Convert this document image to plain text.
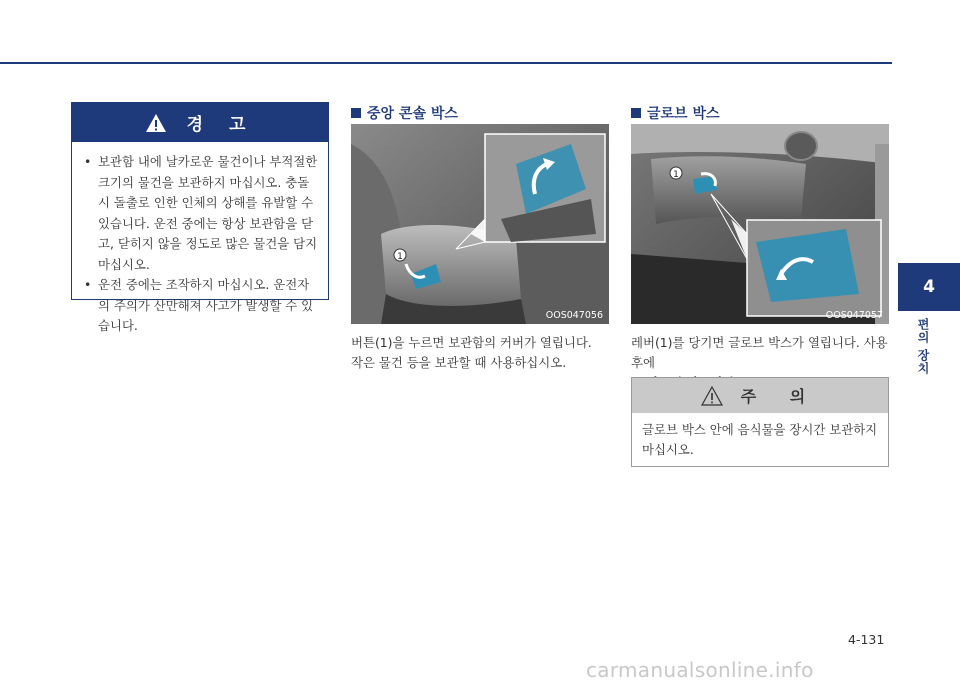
경 고
• 보관함 내에 날카로운 물건이나 부적절한 크기의 물건을 보관하지 마십시오. 충돌시 돌출로 인한 인체의 상해를 유발할 수 있습니다. 운전 중에는 항상 보관함을 닫고, 닫히지 않을 정도로 많은 물건을 담지 마십시오.
• 운전 중에는 조작하지 마십시오. 운전자의 주의가 산만해져 사고가 발생할 수 있습니다.
중앙 콘솔 박스
1
OOS047056
버튼(1)을 누르면 보관함의 커버가 열립니다.
작은 물건 등을 보관할 때 사용하십시오.
글로브 박스
1
OOS047057
레버(1)를 당기면 글로브 박스가 열립니다. 사용후에
주 의
글로브 박스 안에 음식물을 장시간 보관하지
마십시오.
4
편의 장치
4-131
carmanualsonline.info
